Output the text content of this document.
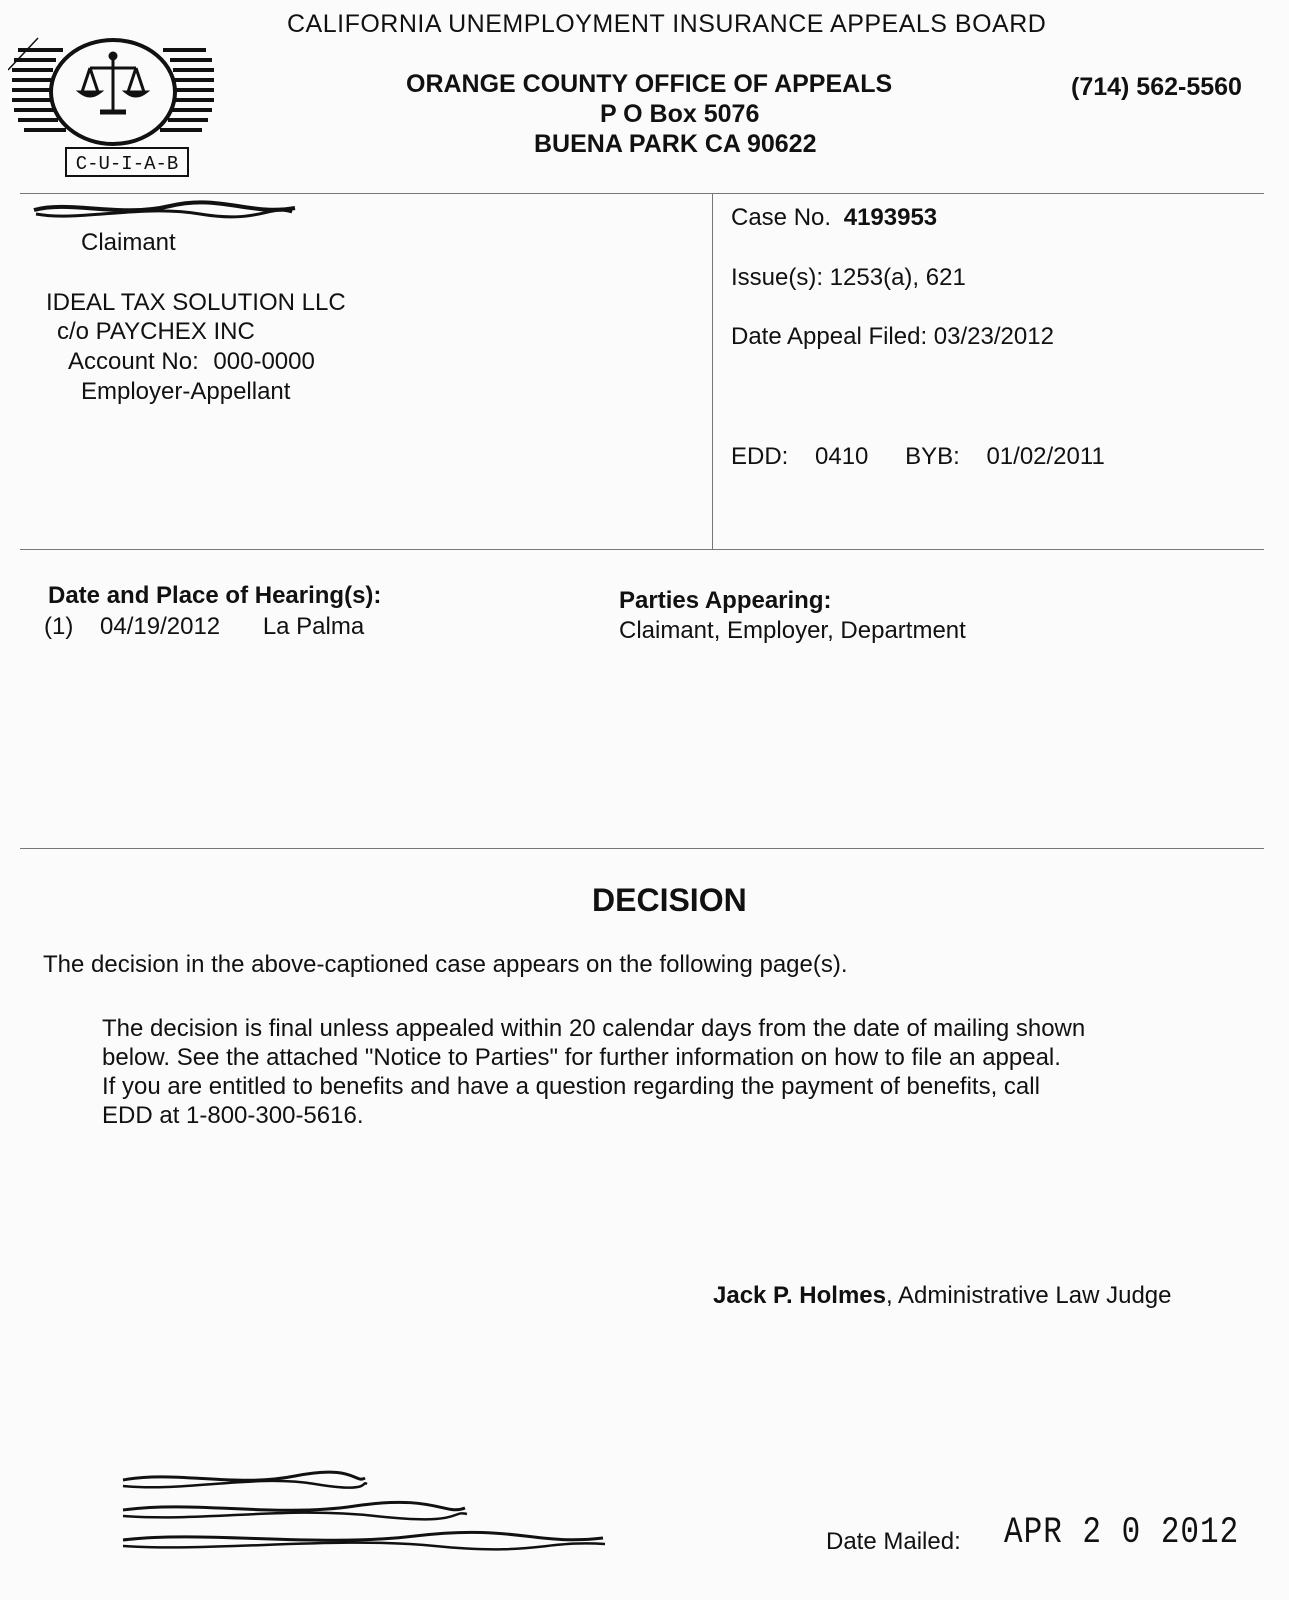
CALIFORNIA UNEMPLOYMENT INSURANCE APPEALS BOARD
C-U-I-A-B
ORANGE COUNTY OFFICE OF APPEALS
P O Box 5076
BUENA PARK CA 90622
(714) 562-5560
Claimant
IDEAL TAX SOLUTION LLC
c/o PAYCHEX INC
Account No: 000-0000
Employer-Appellant
Case No. 4193953
Issue(s): 1253(a), 621
Date Appeal Filed: 03/23/2012
EDD: 0410 BYB: 01/02/2011
Date and Place of Hearing(s):
(1) 04/19/2012 La Palma
Parties Appearing:
Claimant, Employer, Department
DECISION
The decision in the above-captioned case appears on the following page(s).
The decision is final unless appealed within 20 calendar days from the date of mailing shown
below. See the attached "Notice to Parties" for further information on how to file an appeal.
If you are entitled to benefits and have a question regarding the payment of benefits, call
EDD at 1-800-300-5616.
Jack P. Holmes, Administrative Law Judge
Date Mailed: APR 2 0 2012
